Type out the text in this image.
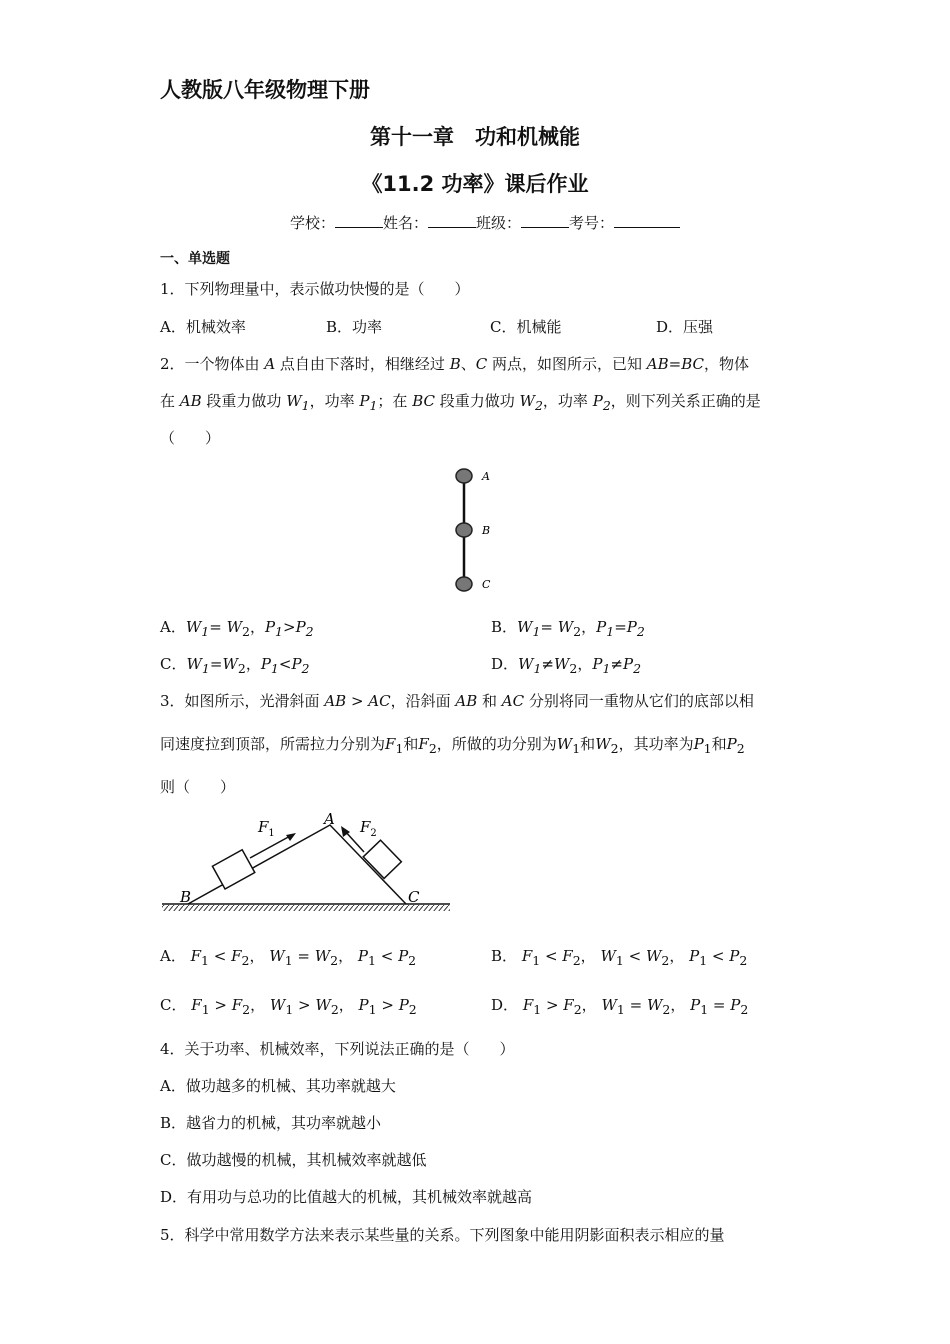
人教版八年级物理下册
第十一章　功和机械能
《11.2 功率》课后作业
学校：	姓名：	班级：	考号：
一、单选题
1．下列物理量中，表示做功快慢的是（　　）
A．机械效率	B．功率	C．机械能	D．压强
2．一个物体由 A 点自由下落时，相继经过 B、C 两点，如图所示，已知 AB=BC，物体
在 AB 段重力做功 $W_1$，功率 $P_1$；在 BC 段重力做功 $W_2$，功率 $P_2$，则下列关系正确的是
（　　）
A
B
C
A．$W_1= W_2$，$P_1>P_2$	B．$W_1= W_2$，$P_1=P_2$
C．$W_1=W_2$，$P_1<P_2$	D．$W_1\ne W_2$，$P_1\ne P_2$
3．如图所示，光滑斜面 AB > AC，沿斜面 AB 和 AC 分别将同一重物从它们的底部以相
同速度拉到顶部，所需拉力分别为$F_1$和$F_2$，所做的功分别为$W_1$和$W_2$，其功率为$P_1$和$P_2$
则（　　）
$F_1$	$F_2$
A
B	C
A． $F_1 < F_2$， $W_1 = W_2$， $P_1 < P_2$	B． $F_1 < F_2$， $W_1 < W_2$， $P_1 < P_2$
C． $F_1 > F_2$， $W_1 > W_2$， $P_1 > P_2$	D． $F_1 > F_2$， $W_1 = W_2$， $P_1 = P_2$
4．关于功率、机械效率，下列说法正确的是（　　）
A．做功越多的机械、其功率就越大
B．越省力的机械，其功率就越小
C．做功越慢的机械，其机械效率就越低
D．有用功与总功的比值越大的机械，其机械效率就越高
5．科学中常用数学方法来表示某些量的关系。下列图象中能用阴影面积表示相应的量
